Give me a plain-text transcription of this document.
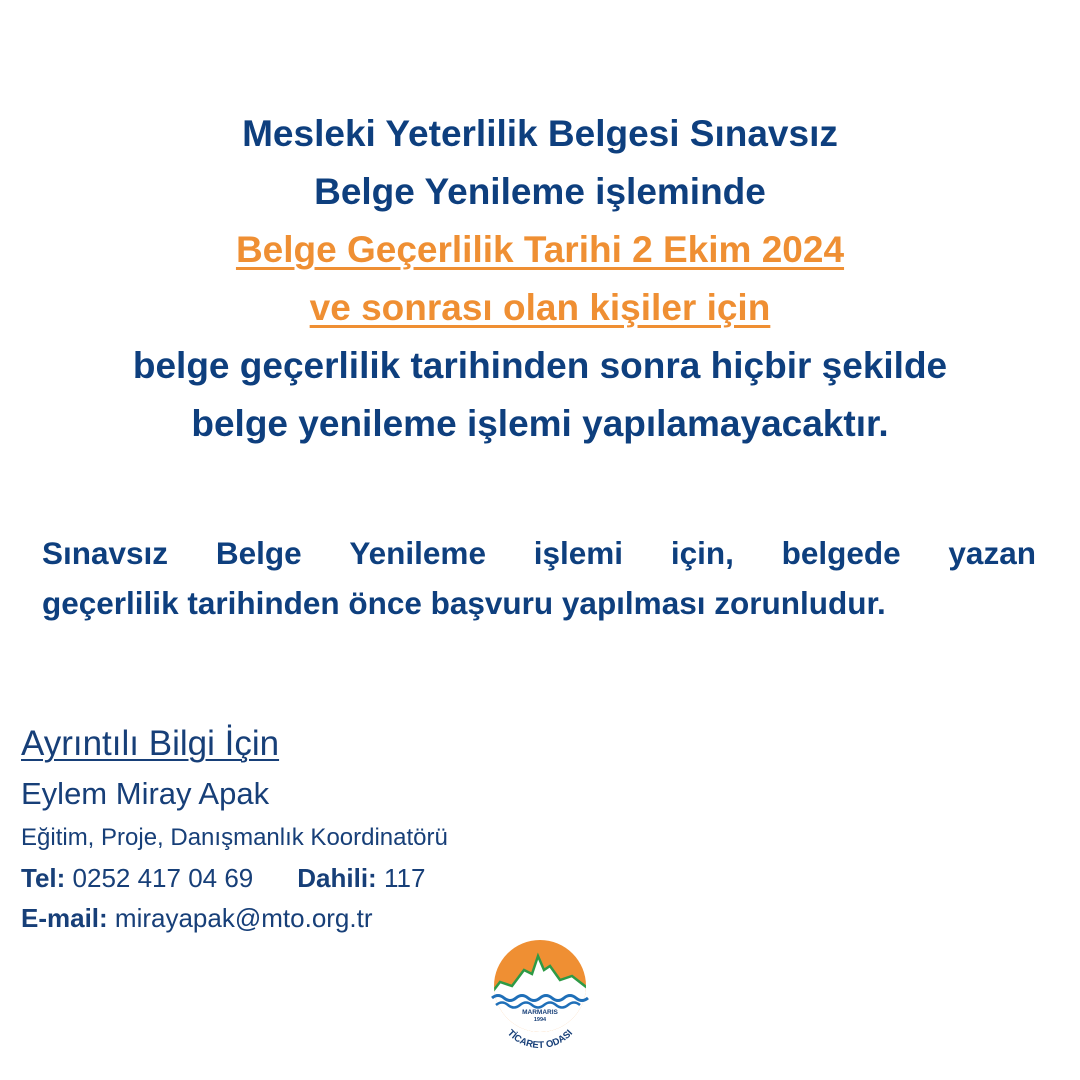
Mesleki Yeterlilik Belgesi Sınavsız
Belge Yenileme işleminde
Belge Geçerlilik Tarihi 2 Ekim 2024
ve sonrası olan kişiler için
belge geçerlilik tarihinden sonra hiçbir şekilde
belge yenileme işlemi yapılamayacaktır.
Sınavsız Belge Yenileme işlemi için, belgede yazan
geçerlilik tarihinden önce başvuru yapılması zorunludur.
Ayrıntılı Bilgi İçin
Eylem Miray Apak
Eğitim, Proje, Danışmanlık Koordinatörü
Tel: 0252 417 04 69 Dahili: 117
E-mail: mirayapak@mto.org.tr
MARMARIS
1994
TİCARET ODASI
